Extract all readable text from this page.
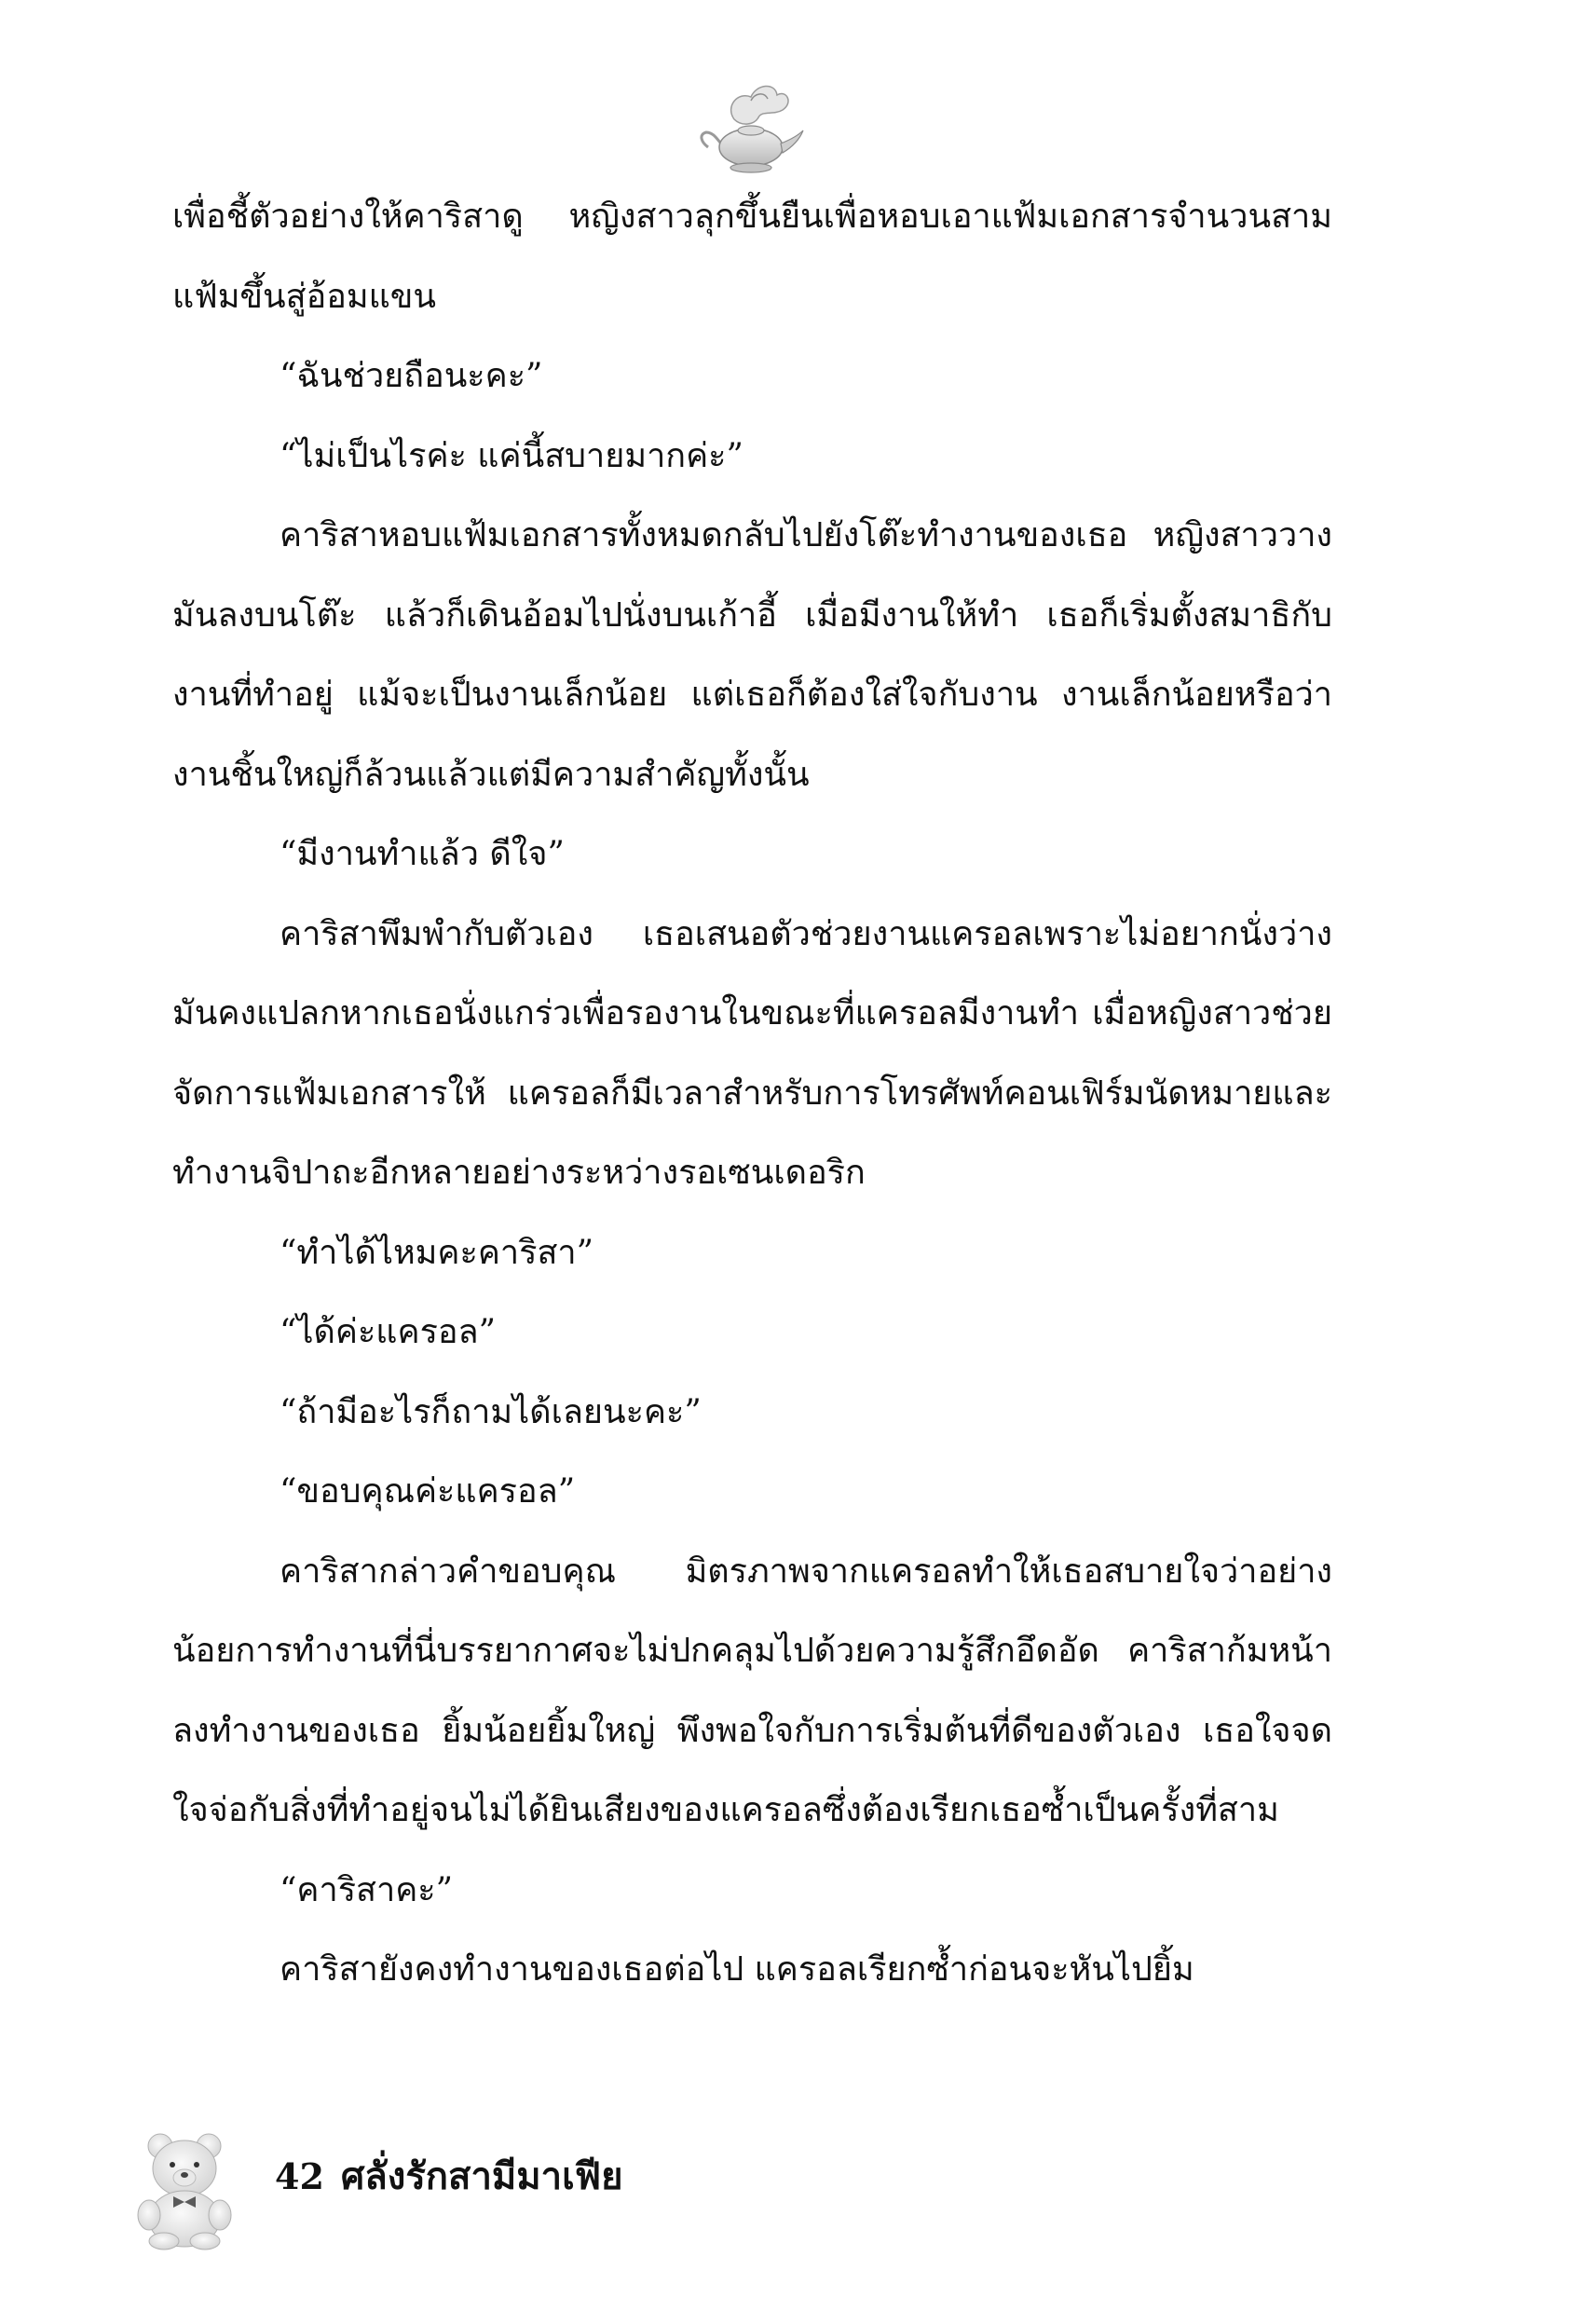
เพื่อชี้ตัวอย่างให้คาริสาดู หญิงสาวลุกขึ้นยืนเพื่อหอบเอาแฟ้มเอกสารจำนวนสามแฟ้มขึ้นสู่อ้อมแขน

“ฉันช่วยถือนะคะ”

“ไม่เป็นไรค่ะ แค่นี้สบายมากค่ะ”

คาริสาหอบแฟ้มเอกสารทั้งหมดกลับไปยังโต๊ะทำงานของเธอ หญิงสาววางมันลงบนโต๊ะ แล้วก็เดินอ้อมไปนั่งบนเก้าอี้ เมื่อมีงานให้ทำ เธอก็เริ่มตั้งสมาธิกับงานที่ทำอยู่ แม้จะเป็นงานเล็กน้อย แต่เธอก็ต้องใส่ใจกับงาน งานเล็กน้อยหรือว่างานชิ้นใหญ่ก็ล้วนแล้วแต่มีความสำคัญทั้งนั้น

“มีงานทำแล้ว ดีใจ”

คาริสาพึมพำกับตัวเอง เธอเสนอตัวช่วยงานแครอลเพราะไม่อยากนั่งว่าง มันคงแปลกหากเธอนั่งแกร่วเพื่อรองานในขณะที่แครอลมีงานทำ เมื่อหญิงสาวช่วยจัดการแฟ้มเอกสารให้ แครอลก็มีเวลาสำหรับการโทรศัพท์คอนเฟิร์มนัดหมายและทำงานจิปาถะอีกหลายอย่างระหว่างรอเซนเดอริก

“ทำได้ไหมคะคาริสา”

“ได้ค่ะแครอล”

“ถ้ามีอะไรก็ถามได้เลยนะคะ”

“ขอบคุณค่ะแครอล”

คาริสากล่าวคำขอบคุณ มิตรภาพจากแครอลทำให้เธอสบายใจว่าอย่างน้อยการทำงานที่นี่บรรยากาศจะไม่ปกคลุมไปด้วยความรู้สึกอึดอัด คาริสาก้มหน้าลงทำงานของเธอ ยิ้มน้อยยิ้มใหญ่ พึงพอใจกับการเริ่มต้นที่ดีของตัวเอง เธอใจจดใจจ่อกับสิ่งที่ทำอยู่จนไม่ได้ยินเสียงของแครอลซึ่งต้องเรียกเธอซ้ำเป็นครั้งที่สาม

“คาริสาคะ”

คาริสายังคงทำงานของเธอต่อไป แครอลเรียกซ้ำก่อนจะหันไปยิ้ม

42 ศลั่งรักสามีมาเฟีย
